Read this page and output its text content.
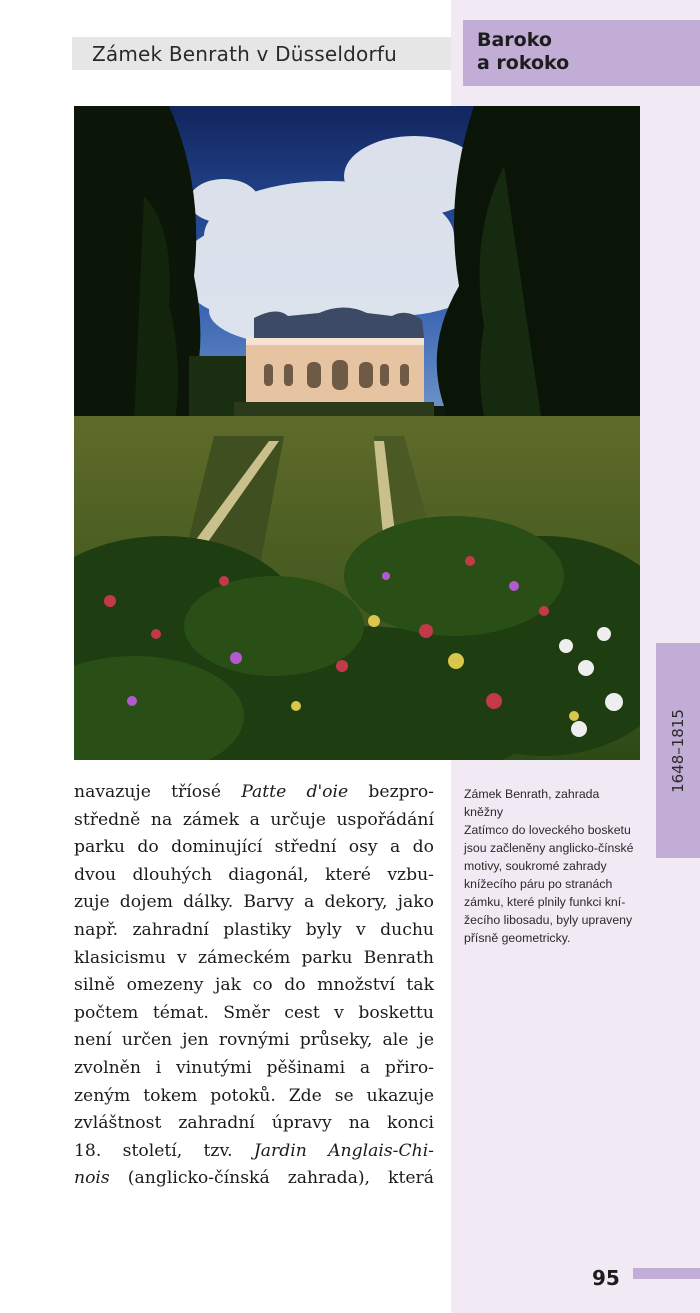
Zámek Benrath v Düsseldorfu
Baroko
a rokoko
navazuje tříosé Patte d'oie bezpro-
středně na zámek a určuje uspořádání
parku do dominující střední osy a do
dvou dlouhých diagonál, které vzbu-
zuje dojem dálky. Barvy a dekory, jako
např. zahradní plastiky byly v duchu
klasicismu v zámeckém parku Benrath
silně omezeny jak co do množství tak
počtem témat. Směr cest v boskettu
není určen jen rovnými průseky, ale je
zvolněn i vinutými pěšinami a přiro-
zeným tokem potoků. Zde se ukazuje
zvláštnost zahradní úpravy na konci
18. století, tzv. Jardin Anglais-Chi-
nois (anglicko-čínská zahrada), která
Zámek Benrath, zahrada
kněžny
Zatímco do loveckého bosketu
jsou začleněny anglicko-čínské
motivy, soukromé zahrady
knížecího páru po stranách
zámku, které plnily funkci kní-
žecího libosadu, byly upraveny
přísně geometricky.
1648–1815
95
